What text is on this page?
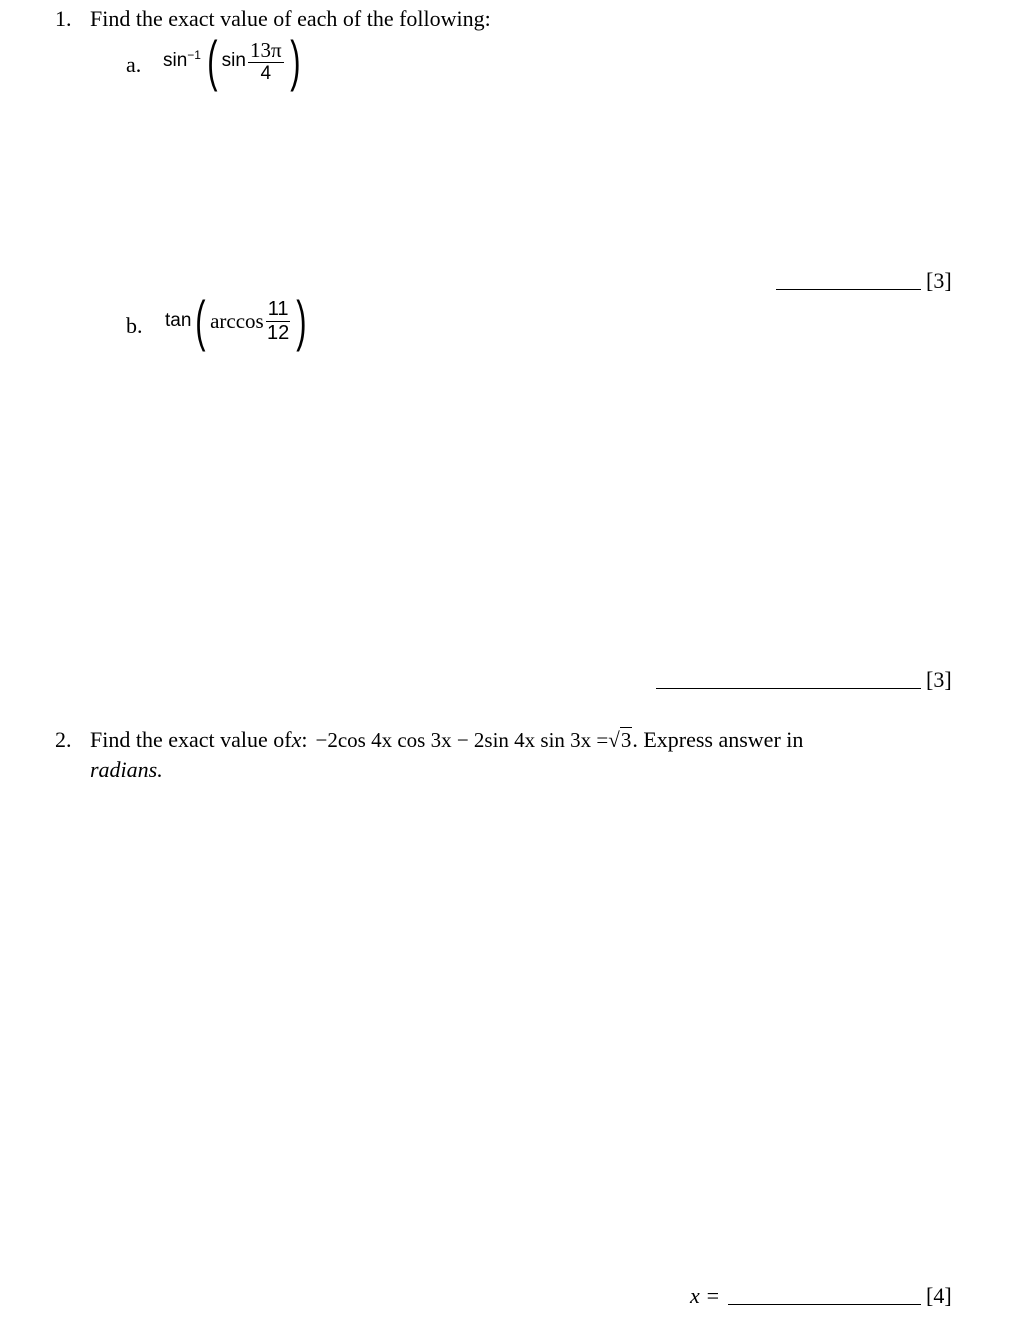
1. Find the exact value of each of the following:
a. $\sin^{-1}$ ( $\sin \frac{13\pi}{4}$ )
[3]
b. tan ( $\arccos \frac{11}{12}$ )
[3]
2. Find the exact value of x : −2cos 4x cos 3x − 2sin 4x sin 3x = √3 . Express answer in
radians.
x =	[4]
